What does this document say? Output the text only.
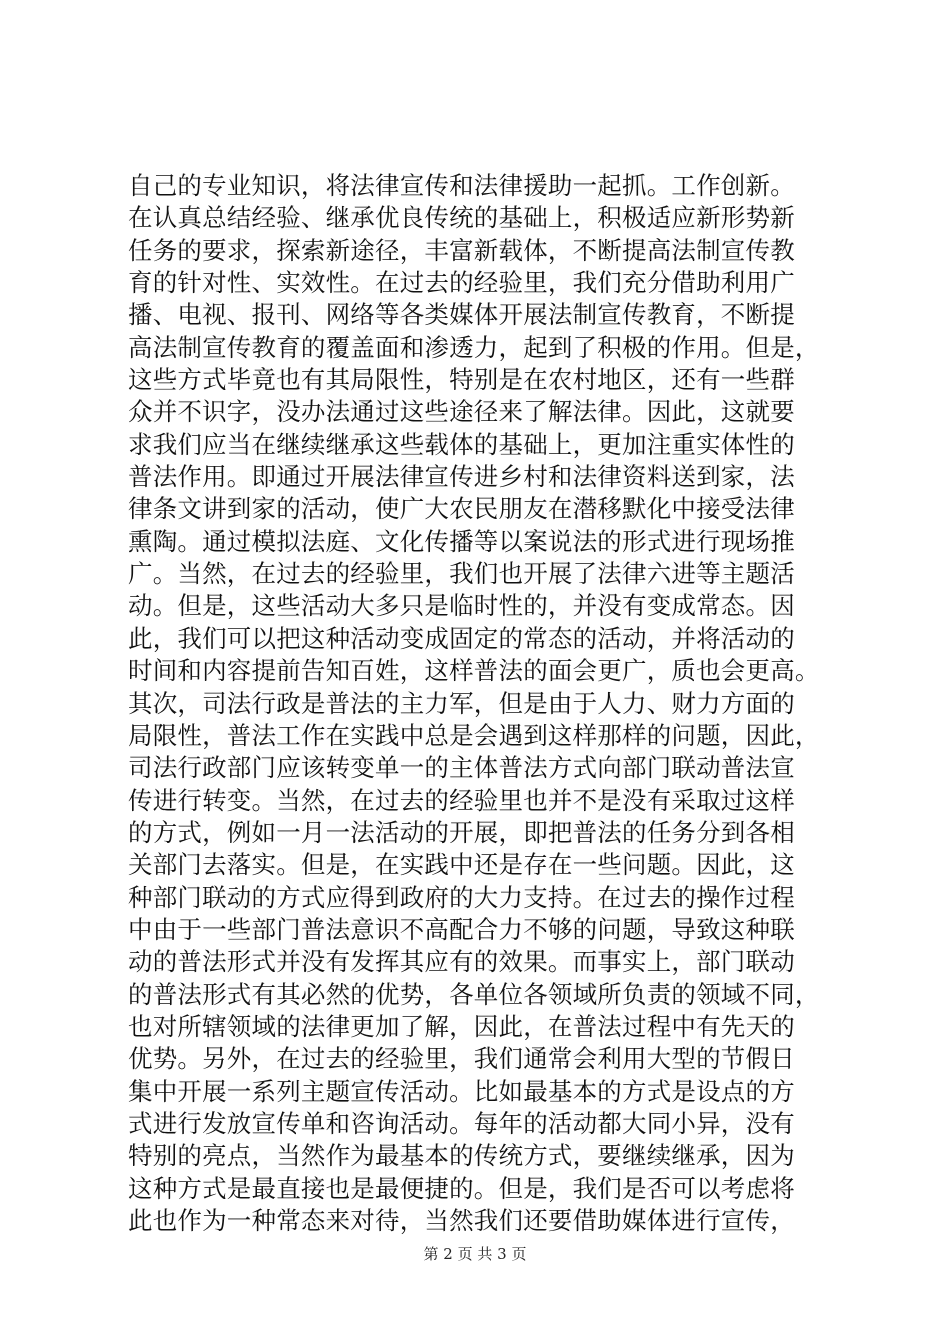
自己的专业知识，将法律宣传和法律援助一起抓。工作创新。
在认真总结经验、继承优良传统的基础上，积极适应新形势新
任务的要求，探索新途径，丰富新载体，不断提高法制宣传教
育的针对性、实效性。在过去的经验里，我们充分借助利用广
播、电视、报刊、网络等各类媒体开展法制宣传教育，不断提
高法制宣传教育的覆盖面和渗透力，起到了积极的作用。但是，
这些方式毕竟也有其局限性，特别是在农村地区，还有一些群
众并不识字，没办法通过这些途径来了解法律。因此，这就要
求我们应当在继续继承这些载体的基础上，更加注重实体性的
普法作用。即通过开展法律宣传进乡村和法律资料送到家，法
律条文讲到家的活动，使广大农民朋友在潜移默化中接受法律
熏陶。通过模拟法庭、文化传播等以案说法的形式进行现场推
广。当然，在过去的经验里，我们也开展了法律六进等主题活
动。但是，这些活动大多只是临时性的，并没有变成常态。因
此，我们可以把这种活动变成固定的常态的活动，并将活动的
时间和内容提前告知百姓，这样普法的面会更广，质也会更高。
其次，司法行政是普法的主力军，但是由于人力、财力方面的
局限性，普法工作在实践中总是会遇到这样那样的问题，因此，
司法行政部门应该转变单一的主体普法方式向部门联动普法宣
传进行转变。当然，在过去的经验里也并不是没有采取过这样
的方式，例如一月一法活动的开展，即把普法的任务分到各相
关部门去落实。但是，在实践中还是存在一些问题。因此，这
种部门联动的方式应得到政府的大力支持。在过去的操作过程
中由于一些部门普法意识不高配合力不够的问题，导致这种联
动的普法形式并没有发挥其应有的效果。而事实上，部门联动
的普法形式有其必然的优势，各单位各领域所负责的领域不同，
也对所辖领域的法律更加了解，因此，在普法过程中有先天的
优势。另外，在过去的经验里，我们通常会利用大型的节假日
集中开展一系列主题宣传活动。比如最基本的方式是设点的方
式进行发放宣传单和咨询活动。每年的活动都大同小异，没有
特别的亮点，当然作为最基本的传统方式，要继续继承，因为
这种方式是最直接也是最便捷的。但是，我们是否可以考虑将
此也作为一种常态来对待，当然我们还要借助媒体进行宣传，
第 2 页 共 3 页
